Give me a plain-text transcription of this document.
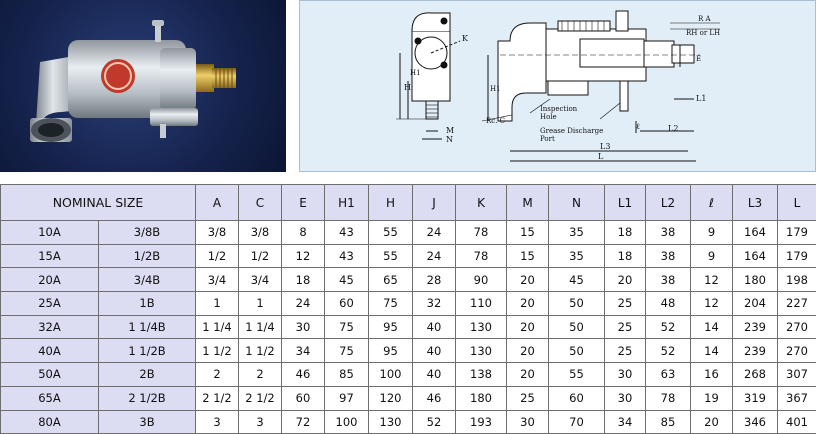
H
H1
K
M
N
H1
E
L1
L2
ℓ
L3
L
Rc. C
Inspection
Hole
Grease Discharge
Port
R A
RH or LH
NOMINAL SIZE		A	C	E	H1	H	J	K	M	N	L1	L2	ℓ	L3	L
10A	3/8B	3/8	3/8	8	43	55	24	78	15	35	18	38	9	164	179
15A	1/2B	1/2	1/2	12	43	55	24	78	15	35	18	38	9	164	179
20A	3/4B	3/4	3/4	18	45	65	28	90	20	45	20	38	12	180	198
25A	1B	1	1	24	60	75	32	110	20	50	25	48	12	204	227
32A	1 1/4B	1 1/4	1 1/4	30	75	95	40	130	20	50	25	52	14	239	270
40A	1 1/2B	1 1/2	1 1/2	34	75	95	40	130	20	50	25	52	14	239	270
50A	2B	2	2	46	85	100	40	138	20	55	30	63	16	268	307
65A	2 1/2B	2 1/2	2 1/2	60	97	120	46	180	25	60	30	78	19	319	367
80A	3B	3	3	72	100	130	52	193	30	70	34	85	20	346	401
